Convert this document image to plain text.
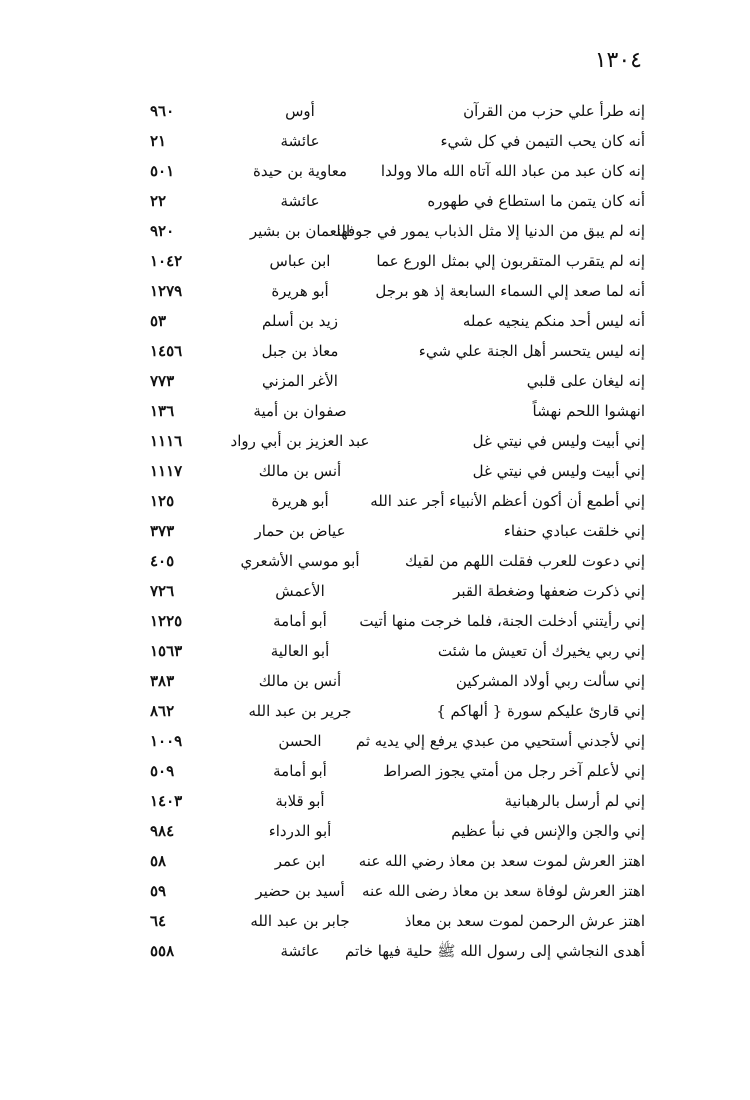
١٣٠٤
إنه طرأ علي حزب من القرآن
أوس
٩٦٠
أنه كان يحب التيمن في كل شيء
عائشة
٢١
إنه كان عبد من عباد الله آتاه الله مالا وولدا
معاوية بن حيدة
٥٠١
أنه كان يتمن ما استطاع في طهوره
عائشة
٢٢
إنه لم يبق من الدنيا إلا مثل الذباب يمور في جوفها
النعمان بن بشير
٩٢٠
إنه لم يتقرب المتقربون إلي بمثل الورع عما
ابن عباس
١٠٤٢
أنه لما صعد إلي السماء السابعة إذ هو برجل
أبو هريرة
١٢٧٩
أنه ليس أحد منكم ينجيه عمله
زيد بن أسلم
٥٣
إنه ليس يتحسر أهل الجنة علي شيء
معاذ بن جبل
١٤٥٦
إنه ليغان على قلبي
الأغر المزني
٧٧٣
انهشوا اللحم نهشاً
صفوان بن أمية
١٣٦
إني أبيت وليس في نيتي غل
عبد العزيز بن أبي رواد
١١١٦
إني أبيت وليس في نيتي غل
أنس بن مالك
١١١٧
إني أطمع أن أكون أعظم الأنبياء أجر عند الله
أبو هريرة
١٢٥
إني خلقت عبادي حنفاء
عياض بن حمار
٣٧٣
إني دعوت للعرب فقلت اللهم من لقيك
أبو موسي الأشعري
٤٠٥
إني ذكرت ضعفها وضغطة القبر
الأعمش
٧٢٦
إني رأيتني أدخلت الجنة، فلما خرجت منها أتيت
أبو أمامة
١٢٢٥
إني ربي يخيرك أن تعيش ما شئت
أبو العالية
١٥٦٣
إني سألت ربي أولاد المشركين
أنس بن مالك
٣٨٣
إني قارئ عليكم سورة { ألهاكم }
جرير بن عبد الله
٨٦٢
إني لأجدني أستحيي من عبدي يرفع إلي يديه ثم
الحسن
١٠٠٩
إني لأعلم آخر رجل من أمتي يجوز الصراط
أبو أمامة
٥٠٩
إني لم أرسل بالرهبانية
أبو قلابة
١٤٠٣
إني والجن والإنس في نبأ عظيم
أبو الدرداء
٩٨٤
اهتز العرش لموت سعد بن معاذ رضي الله عنه
ابن عمر
٥٨
اهتز العرش لوفاة سعد بن معاذ رضى الله عنه
أسيد بن حضير
٥٩
اهتز عرش الرحمن لموت سعد بن معاذ
جابر بن عبد الله
٦٤
أهدى النجاشي إلى رسول الله ﷺ حلية فيها خاتم
عائشة
٥٥٨
